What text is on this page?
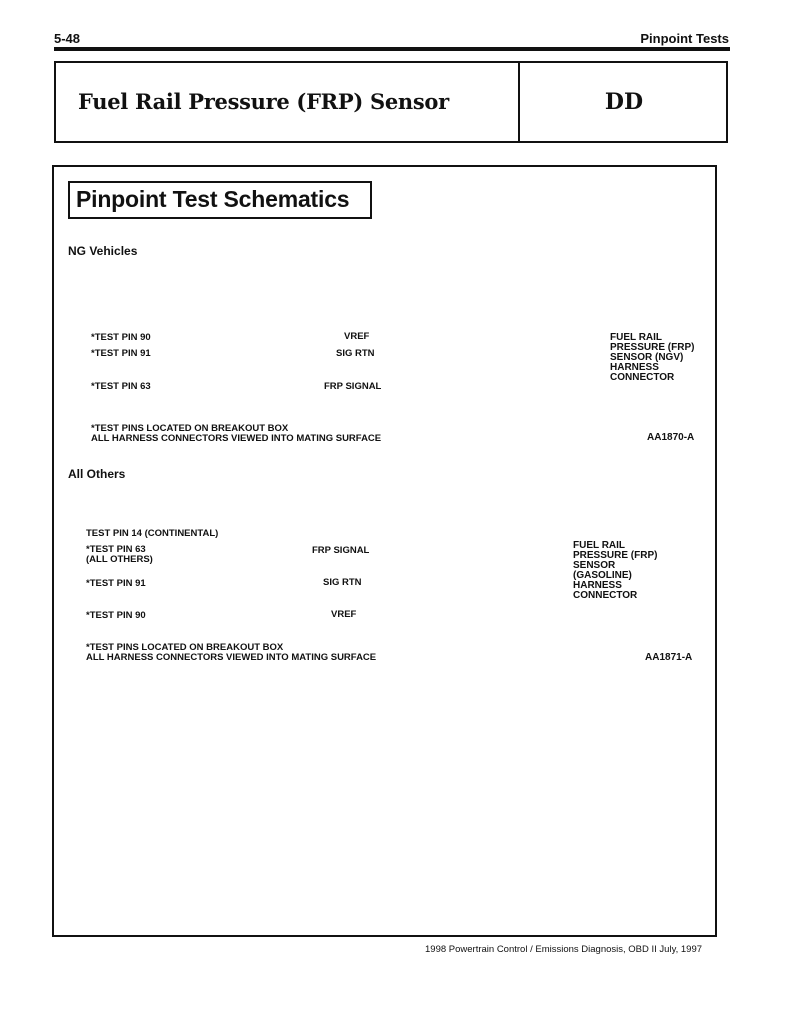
5-48	Pinpoint Tests
Fuel Rail Pressure (FRP) Sensor	DD
Pinpoint Test Schematics
NG Vehicles
*TEST PIN 90
*TEST PIN 91
*TEST PIN 63
VREF
SIG RTN
FRP SIGNAL
FUEL RAIL
PRESSURE (FRP)
SENSOR (NGV)
HARNESS
CONNECTOR
*TEST PINS LOCATED ON BREAKOUT BOX
ALL HARNESS CONNECTORS VIEWED INTO MATING SURFACE	AA1870-A
All Others
TEST PIN 14 (CONTINENTAL)
*TEST PIN 63
(ALL OTHERS)
*TEST PIN 91
*TEST PIN 90
FRP SIGNAL
SIG RTN
VREF
FUEL RAIL
PRESSURE (FRP)
SENSOR
(GASOLINE)
HARNESS
CONNECTOR
*TEST PINS LOCATED ON BREAKOUT BOX
ALL HARNESS CONNECTORS VIEWED INTO MATING SURFACE	AA1871-A
1998 Powertrain Control / Emissions Diagnosis, OBD II July, 1997
